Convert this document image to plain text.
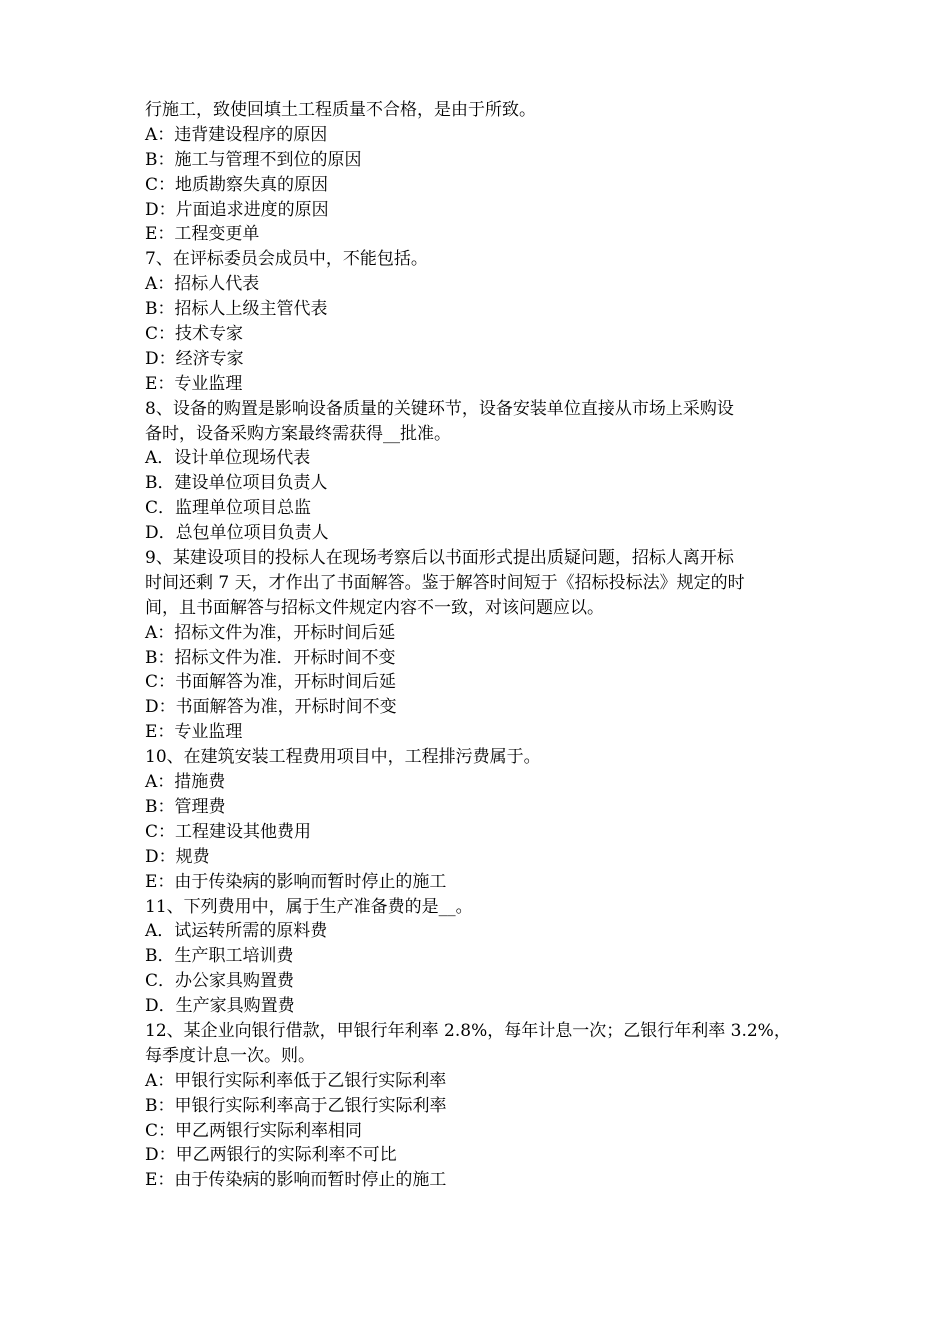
行施工，致使回填土工程质量不合格，是由于所致。
A：违背建设程序的原因
B：施工与管理不到位的原因
C：地质勘察失真的原因
D：片面追求进度的原因
E：工程变更单
7、在评标委员会成员中，不能包括。
A：招标人代表
B：招标人上级主管代表
C：技术专家
D：经济专家
E：专业监理
8、设备的购置是影响设备质量的关键环节，设备安装单位直接从市场上采购设
备时，设备采购方案最终需获得__批准。
A．设计单位现场代表
B．建设单位项目负责人
C．监理单位项目总监
D．总包单位项目负责人
9、某建设项目的投标人在现场考察后以书面形式提出质疑问题，招标人离开标
时间还剩 7 天，才作出了书面解答。鉴于解答时间短于《招标投标法》规定的时
间，且书面解答与招标文件规定内容不一致，对该问题应以。
A：招标文件为准，开标时间后延
B：招标文件为准．开标时间不变
C：书面解答为准，开标时间后延
D：书面解答为准，开标时间不变
E：专业监理
10、在建筑安装工程费用项目中，工程排污费属于。
A：措施费
B：管理费
C：工程建设其他费用
D：规费
E：由于传染病的影响而暂时停止的施工
11、下列费用中，属于生产准备费的是__。
A．试运转所需的原料费
B．生产职工培训费
C．办公家具购置费
D．生产家具购置费
12、某企业向银行借款，甲银行年利率 2.8%，每年计息一次；乙银行年利率 3.2%，
每季度计息一次。则。
A：甲银行实际利率低于乙银行实际利率
B：甲银行实际利率高于乙银行实际利率
C：甲乙两银行实际利率相同
D：甲乙两银行的实际利率不可比
E：由于传染病的影响而暂时停止的施工
